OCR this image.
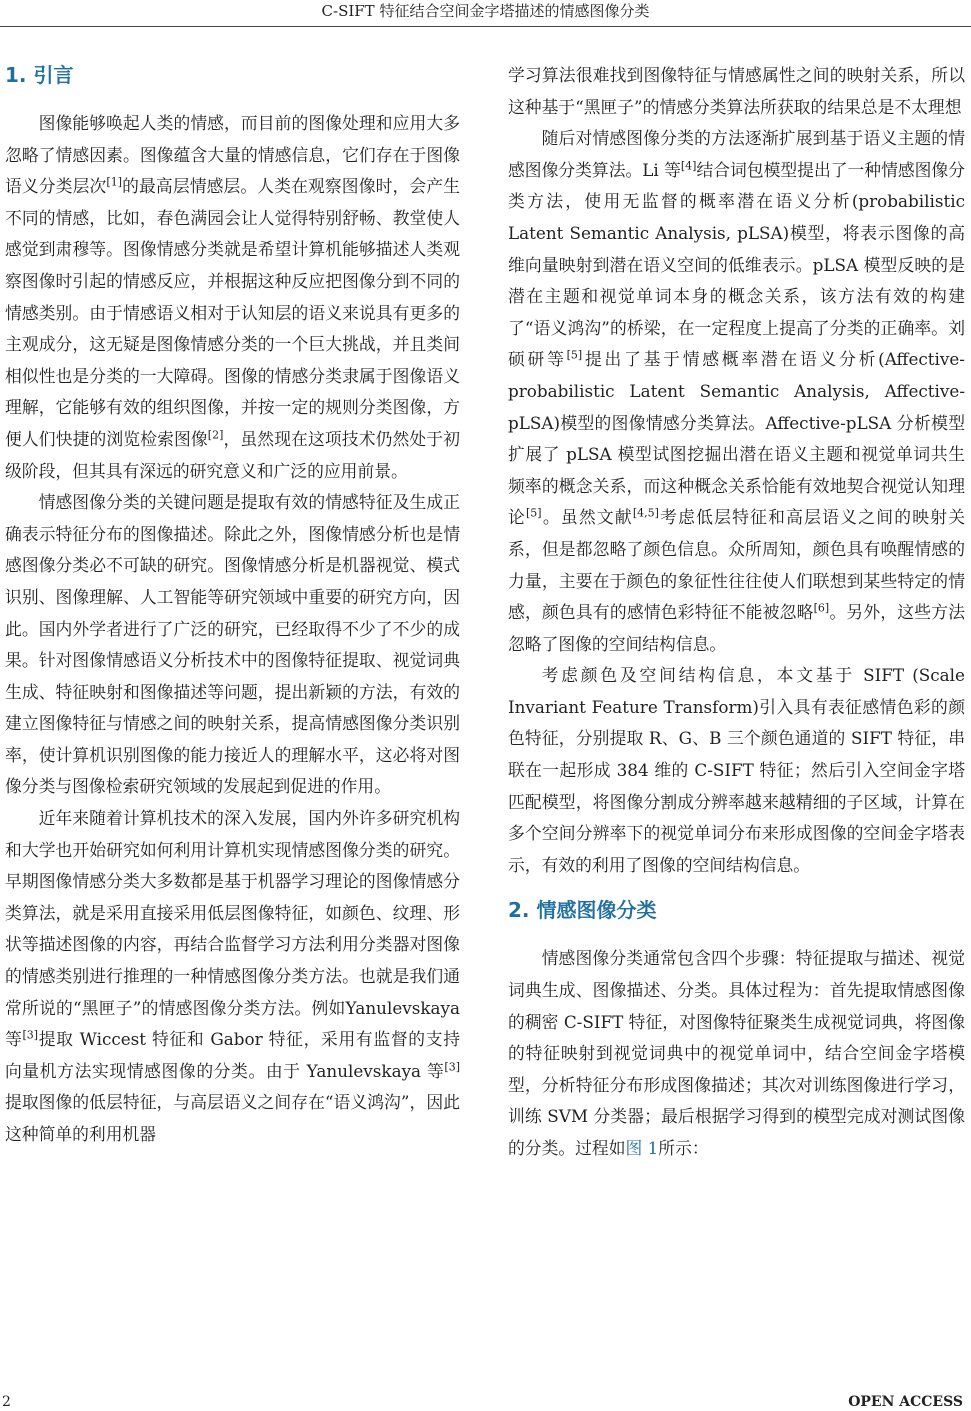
C-SIFT 特征结合空间金字塔描述的情感图像分类
1. 引言

图像能够唤起人类的情感，而目前的图像处理和应用大多忽略了情感因素。图像蕴含大量的情感信息，它们存在于图像语义分类层次[1]的最高层情感层。人类在观察图像时，会产生不同的情感，比如，春色满园会让人觉得特别舒畅、教堂使人感觉到肃穆等。图像情感分类就是希望计算机能够描述人类观察图像时引起的情感反应，并根据这种反应把图像分到不同的情感类别。由于情感语义相对于认知层的语义来说具有更多的主观成分，这无疑是图像情感分类的一个巨大挑战，并且类间相似性也是分类的一大障碍。图像的情感分类隶属于图像语义理解，它能够有效的组织图像，并按一定的规则分类图像，方便人们快捷的浏览检索图像[2]，虽然现在这项技术仍然处于初级阶段，但其具有深远的研究意义和广泛的应用前景。

情感图像分类的关键问题是提取有效的情感特征及生成正确表示特征分布的图像描述。除此之外，图像情感分析也是情感图像分类必不可缺的研究。图像情感分析是机器视觉、模式识别、图像理解、人工智能等研究领域中重要的研究方向，因此。国内外学者进行了广泛的研究，已经取得不少了不少的成果。针对图像情感语义分析技术中的图像特征提取、视觉词典生成、特征映射和图像描述等问题，提出新颖的方法，有效的建立图像特征与情感之间的映射关系，提高情感图像分类识别率，使计算机识别图像的能力接近人的理解水平，这必将对图像分类与图像检索研究领域的发展起到促进的作用。

近年来随着计算机技术的深入发展，国内外许多研究机构和大学也开始研究如何利用计算机实现情感图像分类的研究。早期图像情感分类大多数都是基于机器学习理论的图像情感分类算法，就是采用直接采用低层图像特征，如颜色、纹理、形状等描述图像的内容，再结合监督学习方法利用分类器对图像的情感类别进行推理的一种情感图像分类方法。也就是我们通常所说的“黑匣子”的情感图像分类方法。例如Yanulevskaya 等[3]提取 Wiccest 特征和 Gabor 特征，采用有监督的支持向量机方法实现情感图像的分类。由于 Yanulevskaya 等[3]提取图像的低层特征，与高层语义之间存在“语义鸿沟”，因此这种简单的利用机器

学习算法很难找到图像特征与情感属性之间的映射关系，所以这种基于“黑匣子”的情感分类算法所获取的结果总是不太理想

随后对情感图像分类的方法逐渐扩展到基于语义主题的情感图像分类算法。Li 等[4]结合词包模型提出了一种情感图像分类方法，使用无监督的概率潜在语义分析(probabilistic Latent Semantic Analysis, pLSA)模型，将表示图像的高维向量映射到潜在语义空间的低维表示。pLSA 模型反映的是潜在主题和视觉单词本身的概念关系，该方法有效的构建了“语义鸿沟”的桥梁，在一定程度上提高了分类的正确率。刘硕研等[5]提出了基于情感概率潜在语义分析(Affective-probabilistic Latent Semantic Analysis, Affective-pLSA)模型的图像情感分类算法。Affective-pLSA 分析模型扩展了 pLSA 模型试图挖掘出潜在语义主题和视觉单词共生频率的概念关系，而这种概念关系恰能有效地契合视觉认知理论[5]。虽然文献[4,5]考虑低层特征和高层语义之间的映射关系，但是都忽略了颜色信息。众所周知，颜色具有唤醒情感的力量，主要在于颜色的象征性往往使人们联想到某些特定的情感，颜色具有的感情色彩特征不能被忽略[6]。另外，这些方法忽略了图像的空间结构信息。

考虑颜色及空间结构信息，本文基于 SIFT (Scale Invariant Feature Transform)引入具有表征感情色彩的颜色特征，分别提取 R、G、B 三个颜色通道的 SIFT 特征，串联在一起形成 384 维的 C-SIFT 特征；然后引入空间金字塔匹配模型，将图像分割成分辨率越来越精细的子区域，计算在多个空间分辨率下的视觉单词分布来形成图像的空间金字塔表示，有效的利用了图像的空间结构信息。

2. 情感图像分类

情感图像分类通常包含四个步骤：特征提取与描述、视觉词典生成、图像描述、分类。具体过程为：首先提取情感图像的稠密 C-SIFT 特征，对图像特征聚类生成视觉词典，将图像的特征映射到视觉词典中的视觉单词中，结合空间金字塔模型，分析特征分布形成图像描述；其次对训练图像进行学习，训练 SVM 分类器；最后根据学习得到的模型完成对测试图像的分类。过程如图 1所示：

2	OPEN ACCESS
